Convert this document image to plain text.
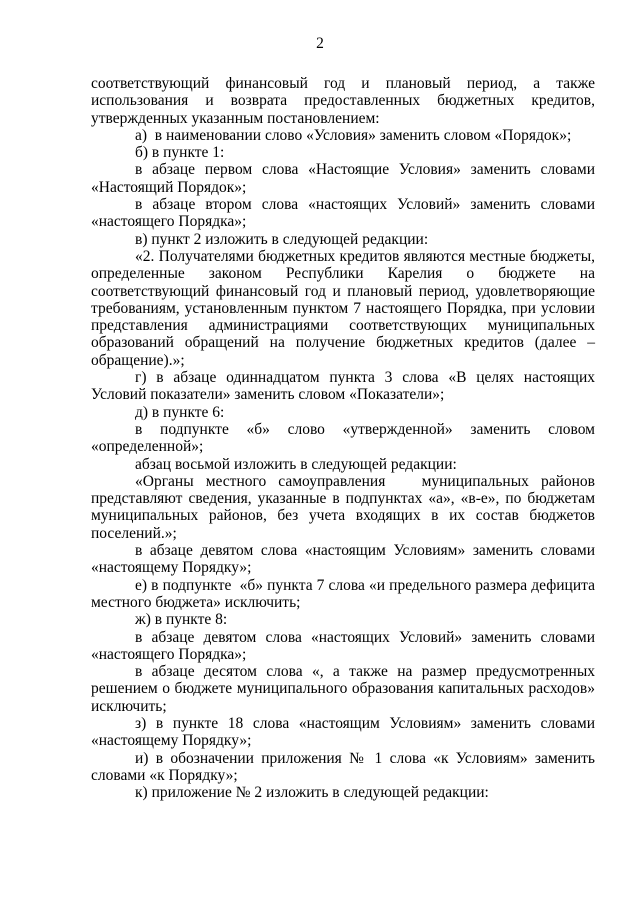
2

соответствующий финансовый год и плановый период, а также использования и возврата предоставленных бюджетных кредитов, утвержденных указанным постановлением:

а)  в наименовании слово «Условия» заменить словом «Порядок»;

б) в пункте 1:

в абзаце первом слова «Настоящие Условия» заменить словами «Настоящий Порядок»;

в абзаце втором слова «настоящих Условий» заменить словами «настоящего Порядка»;

в) пункт 2 изложить в следующей редакции:

«2. Получателями бюджетных кредитов являются местные бюджеты, определенные законом Республики Карелия о бюджете на соответствующий финансовый год и плановый период, удовлетворяющие требованиям, установленным пунктом 7 настоящего Порядка, при условии представления администрациями соответствующих муниципальных образований обращений на получение бюджетных кредитов (далее – обращение).»;

г) в абзаце одиннадцатом пункта 3 слова «В целях настоящих Условий показатели» заменить словом «Показатели»;

д) в пункте 6:

в подпункте «б» слово «утвержденной» заменить словом «определенной»;

абзац восьмой изложить в следующей редакции:

«Органы местного самоуправления   муниципальных районов представляют сведения, указанные в подпунктах «а», «в-е», по бюджетам муниципальных районов, без учета входящих в их состав бюджетов поселений.»;

в абзаце девятом слова «настоящим Условиям» заменить словами «настоящему Порядку»;

е) в подпункте  «б» пункта 7 слова «и предельного размера дефицита местного бюджета» исключить;

ж) в пункте 8:

в абзаце девятом слова «настоящих Условий» заменить словами «настоящего Порядка»;

в абзаце десятом слова «, а также на размер предусмотренных решением о бюджете муниципального образования капитальных расходов» исключить;

з) в пункте 18 слова «настоящим Условиям» заменить словами «настоящему Порядку»;

и) в обозначении приложения № 1 слова «к Условиям» заменить словами «к Порядку»;

к) приложение № 2 изложить в следующей редакции:
